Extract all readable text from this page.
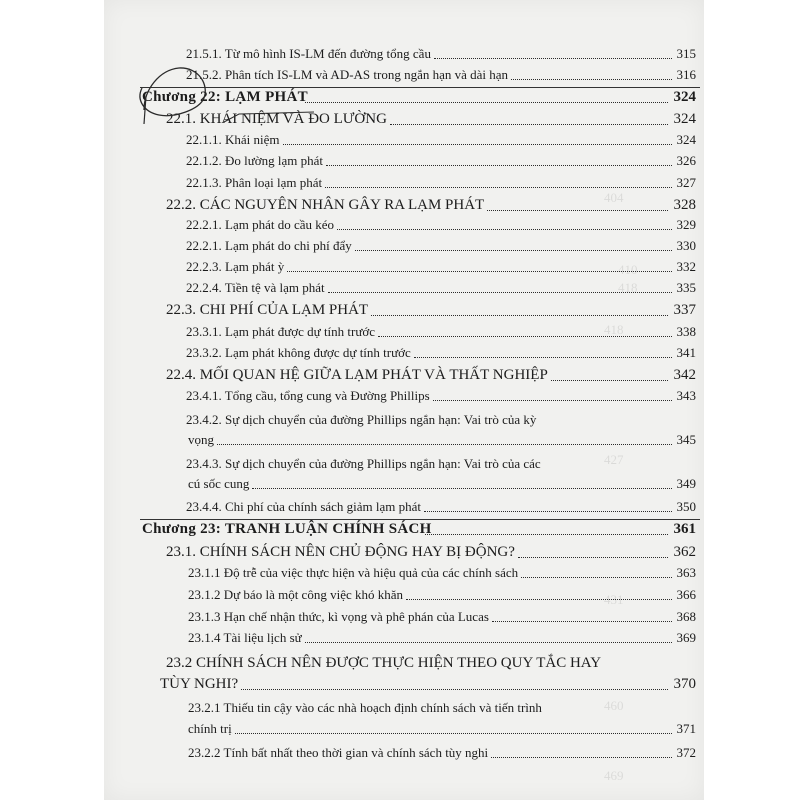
404
410
418
418
427
431
460
469
21.5.1. Từ mô hình IS-LM đến đường tổng cầu	315
21.5.2. Phân tích IS-LM và AD-AS trong ngắn hạn và dài hạn	316
Chương 22: LẠM PHÁT	324
22.1. KHÁI NIỆM VÀ ĐO LƯỜNG	324
22.1.1. Khái niệm	324
22.1.2. Đo lường lạm phát	326
22.1.3. Phân loại lạm phát	327
22.2. CÁC NGUYÊN NHÂN GÂY RA LẠM PHÁT	328
22.2.1. Lạm phát do cầu kéo	329
22.2.1. Lạm phát do chi phí đẩy	330
22.2.3. Lạm phát ỳ	332
22.2.4. Tiền tệ và lạm phát	335
22.3. CHI PHÍ CỦA LẠM PHÁT	337
23.3.1. Lạm phát được dự tính trước	338
23.3.2. Lạm phát không được dự tính trước	341
22.4. MỐI QUAN HỆ GIỮA LẠM PHÁT VÀ THẤT NGHIỆP	342
23.4.1. Tổng cầu, tổng cung và Đường Phillips	343
23.4.2. Sự dịch chuyển của đường Phillips ngắn hạn: Vai trò của kỳ
vọng	345
23.4.3. Sự dịch chuyển của đường Phillips ngắn hạn: Vai trò của các
cú sốc cung	349
23.4.4. Chi phí của chính sách giảm lạm phát	350
Chương 23: TRANH LUẬN CHÍNH SÁCH	361
23.1. CHÍNH SÁCH NÊN CHỦ ĐỘNG HAY BỊ ĐỘNG?	362
23.1.1 Độ trễ của việc thực hiện và hiệu quả của các chính sách	363
23.1.2 Dự báo là một công việc khó khăn	366
23.1.3 Hạn chế nhận thức, kì vọng và phê phán của Lucas	368
23.1.4 Tài liệu lịch sử	369
23.2 CHÍNH SÁCH NÊN ĐƯỢC THỰC HIỆN THEO QUY TẮC HAY
TÙY NGHI?	370
23.2.1 Thiếu tin cậy vào các nhà hoạch định chính sách và tiến trình
chính trị	371
23.2.2 Tính bất nhất theo thời gian và chính sách tùy nghi	372
